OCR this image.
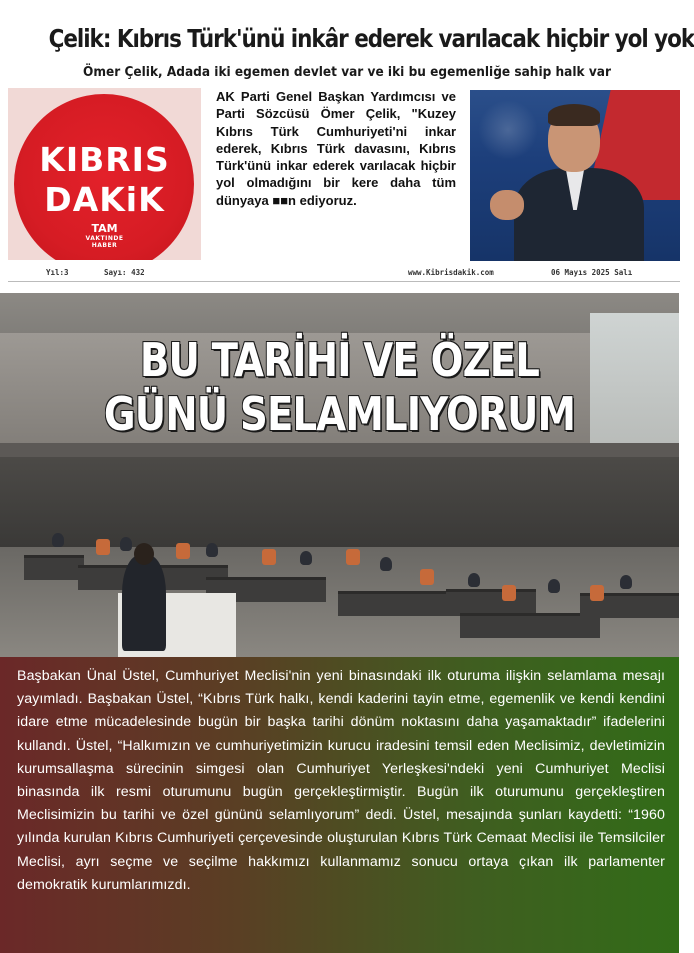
Çelik: Kıbrıs Türk'ünü inkâr ederek varılacak hiçbir yol yok
Ömer Çelik, Adada iki egemen devlet var ve iki bu egemenliğe sahip halk var
KIBRIS
DAKiK
TAM
VAKTINDE
HABER
AK Parti Genel Başkan Yardımcısı ve Parti Sözcüsü Ömer Çelik, "Kuzey Kıbrıs Türk Cumhuriyeti'ni inkar ederek, Kıbrıs Türk davasını, Kıbrıs Türk'ünü inkar ederek varılacak hiçbir yol olmadığını bir kere daha tüm dünyaya ■■n ediyoruz.
Yıl:3	Sayı: 432	www.Kibrisdakik.com	06 Mayıs 2025 Salı
BU TARİHİ VE ÖZEL
GÜNÜ SELAMLIYORUM
Başbakan Ünal Üstel, Cumhuriyet Meclisi'nin yeni binasındaki ilk oturuma ilişkin selamlama mesajı yayımladı. Başbakan Üstel, “Kıbrıs Türk halkı, kendi kaderini tayin etme, egemenlik ve kendi kendini idare etme mücadelesinde bugün bir başka tarihi dönüm noktasını daha yaşamaktadır” ifadelerini kullandı. Üstel, “Halkımızın ve cumhuriyetimizin kurucu iradesini temsil eden Meclisimiz, devletimizin kurumsallaşma sürecinin simgesi olan Cumhuriyet Yerleşkesi'ndeki yeni Cumhuriyet Meclisi binasında ilk resmi oturumunu bugün gerçekleştirmiştir. Bugün ilk oturumunu gerçekleştiren Meclisimizin bu tarihi ve özel gününü selamlıyorum” dedi. Üstel, mesajında şunları kaydetti: “1960 yılında kurulan Kıbrıs Cumhuriyeti çerçevesinde oluşturulan Kıbrıs Türk Cemaat Meclisi ile Temsilciler Meclisi, ayrı seçme ve seçilme hakkımızı kullanmamız sonucu ortaya çıkan ilk parlamenter demokratik kurumlarımızdı.
